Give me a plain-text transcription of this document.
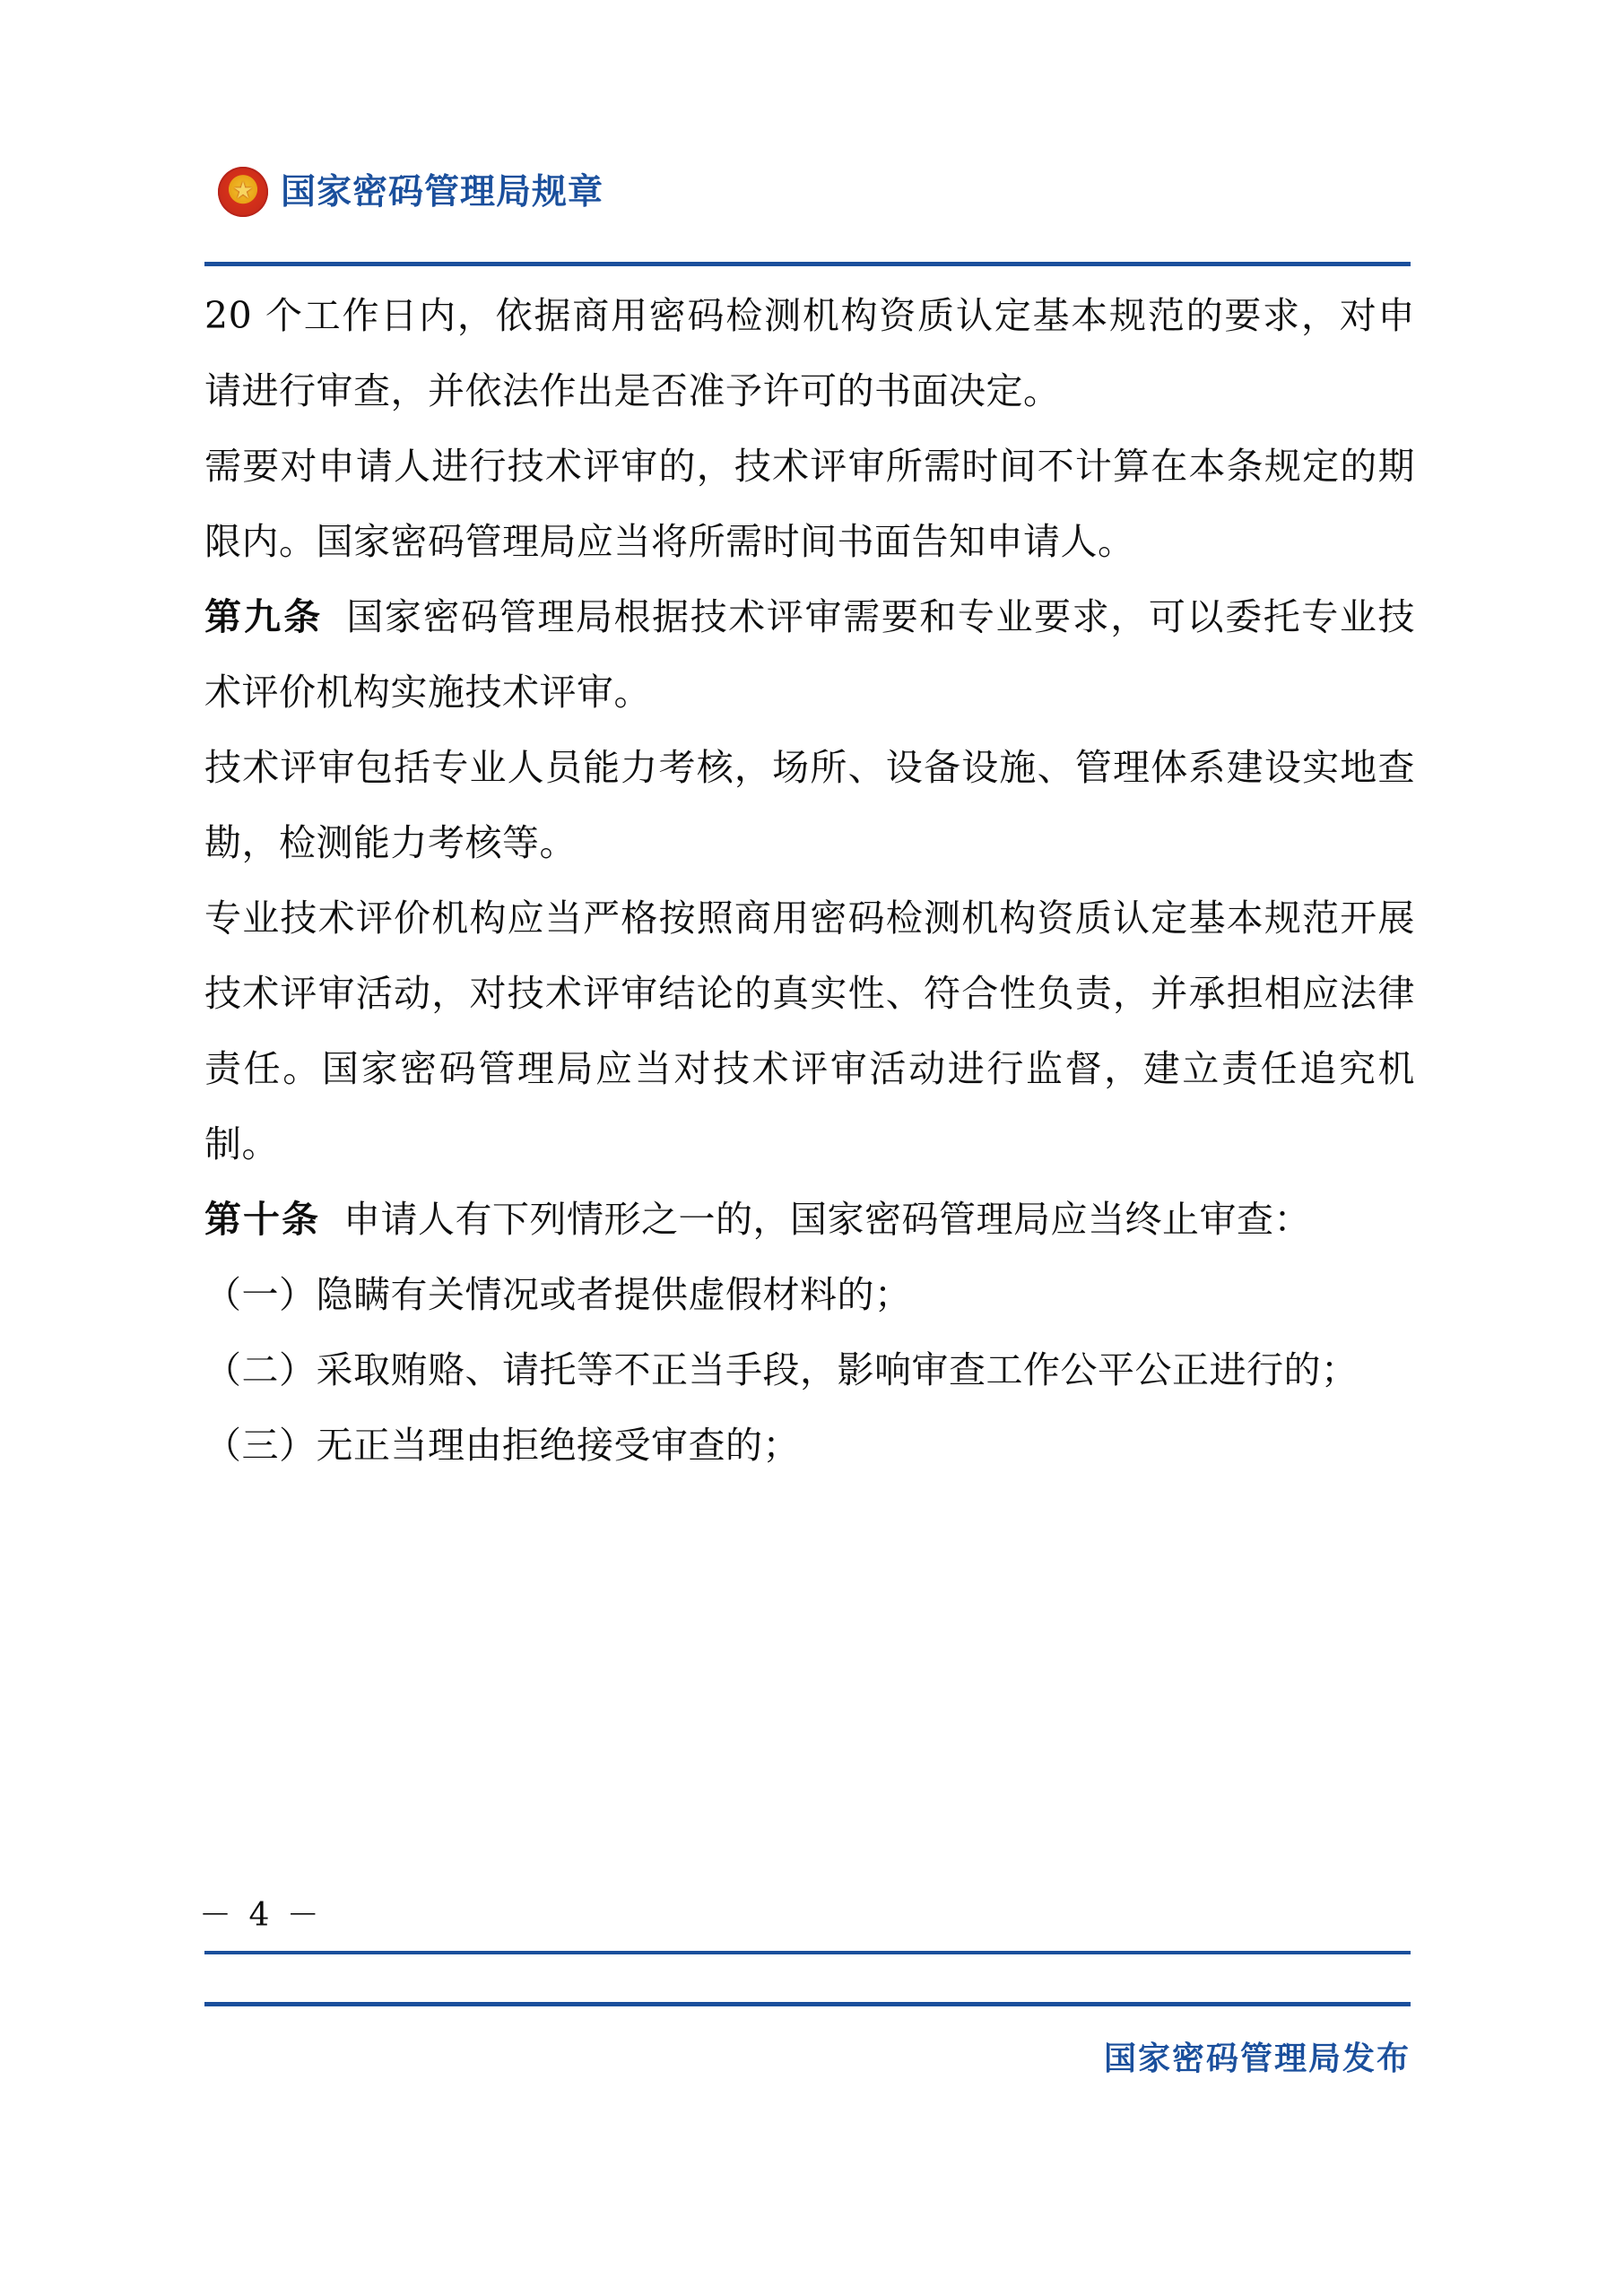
★
国家密码管理局规章

20 个工作日内，依据商用密码检测机构资质认定基本规范的要求，对申请进行审查，并依法作出是否准予许可的书面决定。

需要对申请人进行技术评审的，技术评审所需时间不计算在本条规定的期限内。国家密码管理局应当将所需时间书面告知申请人。

第九条 国家密码管理局根据技术评审需要和专业要求，可以委托专业技术评价机构实施技术评审。

技术评审包括专业人员能力考核，场所、设备设施、管理体系建设实地查勘，检测能力考核等。

专业技术评价机构应当严格按照商用密码检测机构资质认定基本规范开展技术评审活动，对技术评审结论的真实性、符合性负责，并承担相应法律责任。国家密码管理局应当对技术评审活动进行监督，建立责任追究机制。

第十条 申请人有下列情形之一的，国家密码管理局应当终止审查：

（一）隐瞒有关情况或者提供虚假材料的；

（二）采取贿赂、请托等不正当手段，影响审查工作公平公正进行的；

（三）无正当理由拒绝接受审查的；

－ 4 －
国家密码管理局发布
